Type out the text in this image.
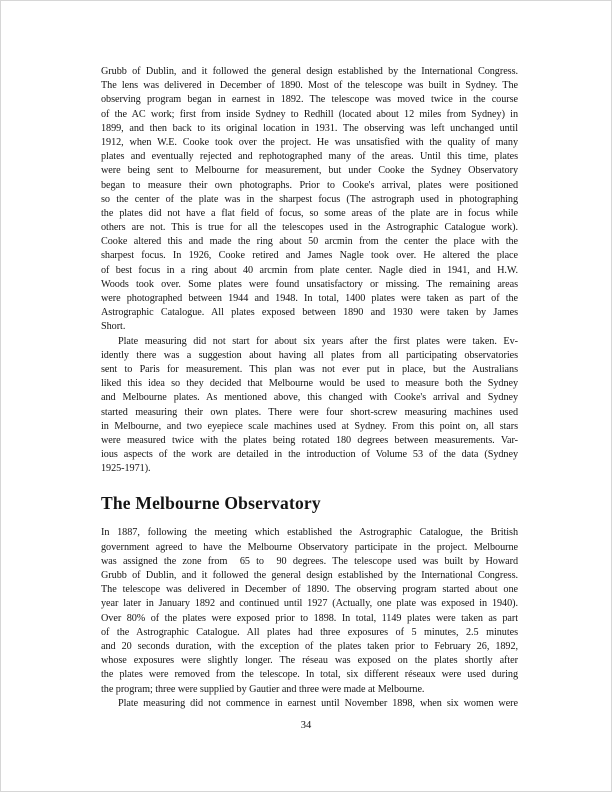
Grubb of Dublin, and it followed the general design established by the International Congress.
The lens was delivered in December of 1890. Most of the telescope was built in Sydney. The
observing program began in earnest in 1892. The telescope was moved twice in the course
of the AC work; first from inside Sydney to Redhill (located about 12 miles from Sydney) in
1899, and then back to its original location in 1931. The observing was left unchanged until
1912, when W.E. Cooke took over the project. He was unsatisfied with the quality of many
plates and eventually rejected and rephotographed many of the areas. Until this time, plates
were being sent to Melbourne for measurement, but under Cooke the Sydney Observatory
began to measure their own photographs. Prior to Cooke's arrival, plates were positioned
so the center of the plate was in the sharpest focus (The astrograph used in photographing
the plates did not have a flat field of focus, so some areas of the plate are in focus while
others are not. This is true for all the telescopes used in the Astrographic Catalogue work).
Cooke altered this and made the ring about 50 arcmin from the center the place with the
sharpest focus. In 1926, Cooke retired and James Nagle took over. He altered the place
of best focus in a ring about 40 arcmin from plate center. Nagle died in 1941, and H.W.
Woods took over. Some plates were found unsatisfactory or missing. The remaining areas
were photographed between 1944 and 1948. In total, 1400 plates were taken as part of the
Astrographic Catalogue. All plates exposed between 1890 and 1930 were taken by James
Short.
Plate measuring did not start for about six years after the first plates were taken. Ev-
idently there was a suggestion about having all plates from all participating observatories
sent to Paris for measurement. This plan was not ever put in place, but the Australians
liked this idea so they decided that Melbourne would be used to measure both the Sydney
and Melbourne plates. As mentioned above, this changed with Cooke's arrival and Sydney
started measuring their own plates. There were four short-screw measuring machines used
in Melbourne, and two eyepiece scale machines used at Sydney. From this point on, all stars
were measured twice with the plates being rotated 180 degrees between measurements. Var-
ious aspects of the work are detailed in the introduction of Volume 53 of the data (Sydney
1925-1971).
The Melbourne Observatory
In 1887, following the meeting which established the Astrographic Catalogue, the British
government agreed to have the Melbourne Observatory participate in the project. Melbourne
was assigned the zone from  65 to  90 degrees. The telescope used was built by Howard
Grubb of Dublin, and it followed the general design established by the International Congress.
The telescope was delivered in December of 1890. The observing program started about one
year later in January 1892 and continued until 1927 (Actually, one plate was exposed in 1940).
Over 80% of the plates were exposed prior to 1898. In total, 1149 plates were taken as part
of the Astrographic Catalogue. All plates had three exposures of 5 minutes, 2.5 minutes
and 20 seconds duration, with the exception of the plates taken prior to February 26, 1892,
whose exposures were slightly longer. The réseau was exposed on the plates shortly after
the plates were removed from the telescope. In total, six different réseaux were used during
the program; three were supplied by Gautier and three were made at Melbourne.
Plate measuring did not commence in earnest until November 1898, when six women were
34
